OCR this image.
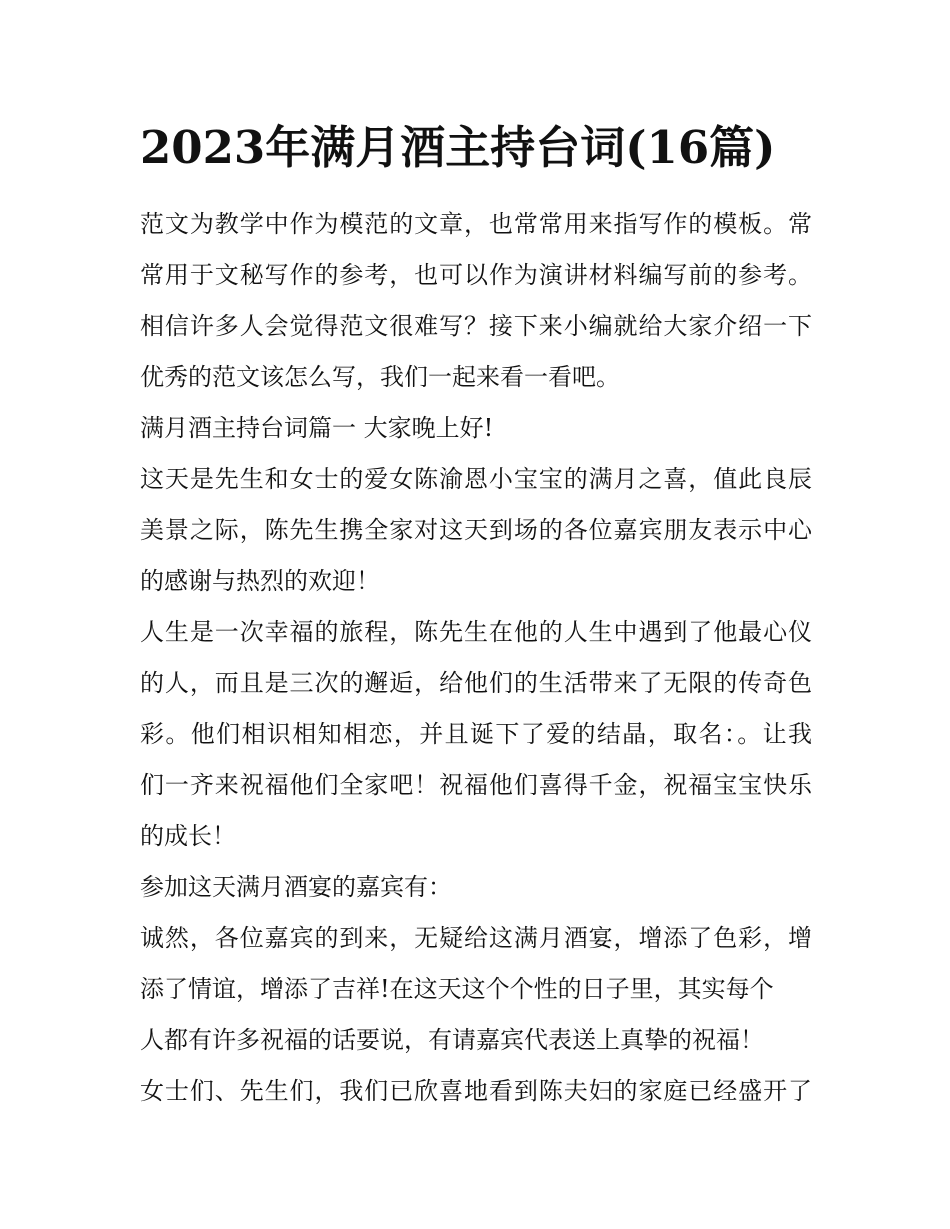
2023年满月酒主持台词(16篇)
范文为教学中作为模范的文章，也常常用来指写作的模板。常
常用于文秘写作的参考，也可以作为演讲材料编写前的参考。
相信许多人会觉得范文很难写？接下来小编就给大家介绍一下
优秀的范文该怎么写，我们一起来看一看吧。
满月酒主持台词篇一 大家晚上好!
这天是先生和女士的爱女陈渝恩小宝宝的满月之喜，值此良辰
美景之际，陈先生携全家对这天到场的各位嘉宾朋友表示中心
的感谢与热烈的欢迎！
人生是一次幸福的旅程，陈先生在他的人生中遇到了他最心仪
的人，而且是三次的邂逅，给他们的生活带来了无限的传奇色
彩。他们相识相知相恋，并且诞下了爱的结晶，取名：。让我
们一齐来祝福他们全家吧！祝福他们喜得千金，祝福宝宝快乐
的成长！
参加这天满月酒宴的嘉宾有：
诚然，各位嘉宾的到来，无疑给这满月酒宴，增添了色彩，增
添了情谊，增添了吉祥!在这天这个个性的日子里，其实每个
人都有许多祝福的话要说，有请嘉宾代表送上真挚的祝福！
女士们、先生们，我们已欣喜地看到陈夫妇的家庭已经盛开了
